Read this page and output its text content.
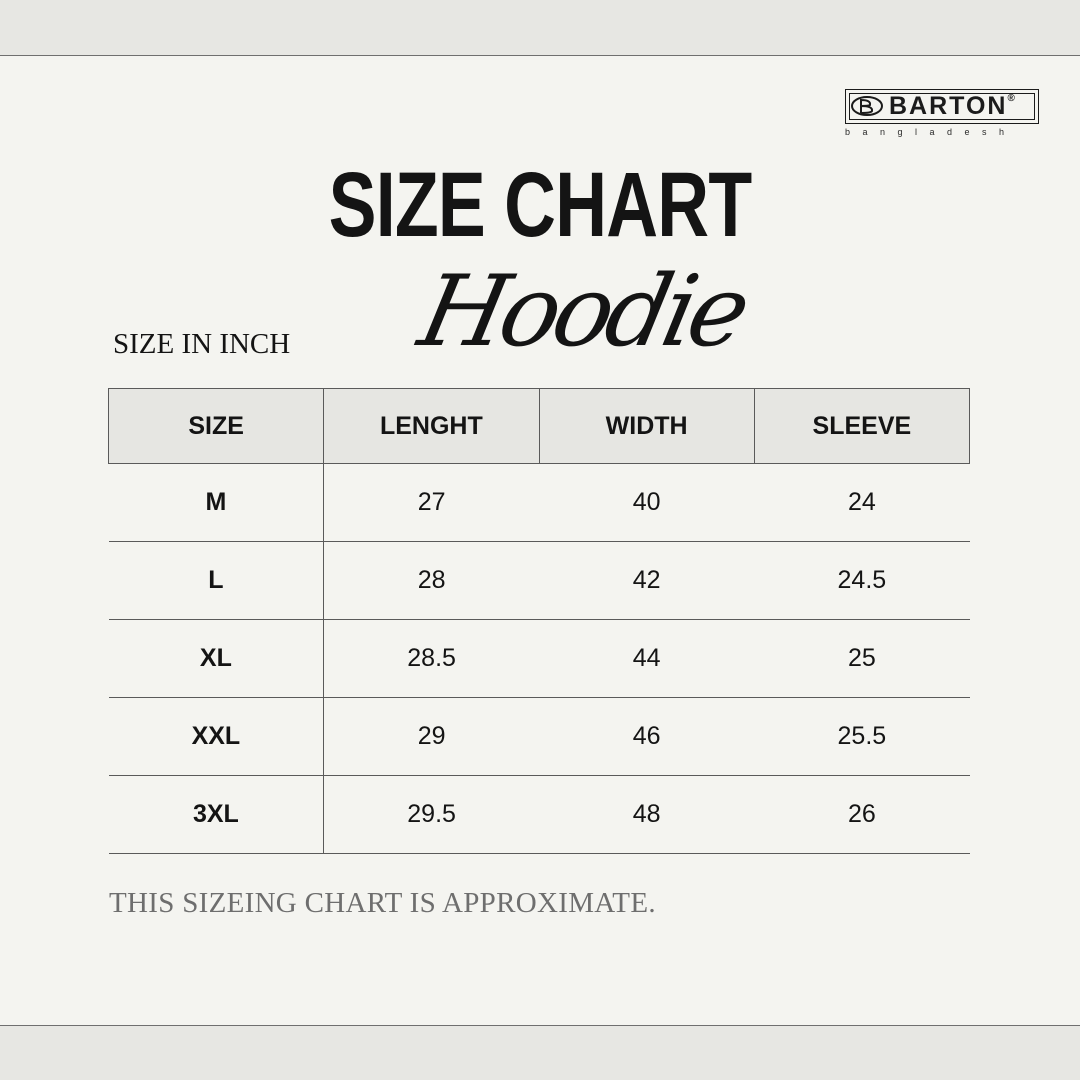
BARTON®
bangladesh
SIZE CHART
Hoodie
SIZE IN INCH
SIZE	LENGHT	WIDTH	SLEEVE
M	27	40	24
L	28	42	24.5
XL	28.5	44	25
XXL	29	46	25.5
3XL	29.5	48	26
THIS SIZEING CHART IS APPROXIMATE.
